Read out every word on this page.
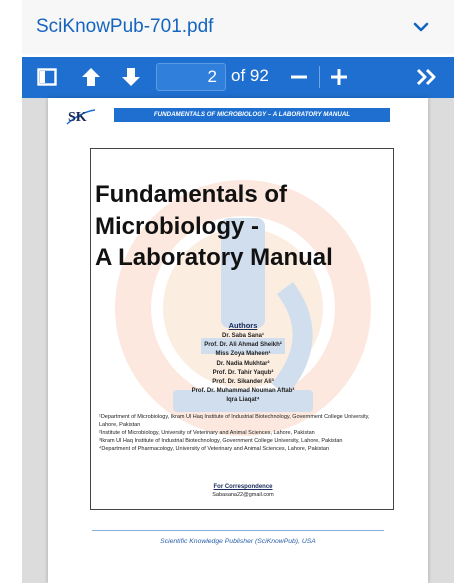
SciKnowPub-701.pdf
2
of 92
SK	FUNDAMENTALS OF MICROBIOLOGY – A LABORATORY MANUAL
Fundamentals of
Microbiology -
A Laboratory Manual
Authors
Dr. Saba Sana¹
Prof. Dr. Ali Ahmad Sheikh²
Miss Zoya Maheen¹
Dr. Nadia Mukhtar²
Prof. Dr. Tahir Yaqub²
Prof. Dr. Sikander Ali³
Prof. Dr. Muhammad Nouman Aftab³
Iqra Liaqat⁴
¹Department of Microbiology, Ikram Ul Haq Institute of Industrial Biotechnology, Government College University, Lahore, Pakistan
²Institute of Microbiology, University of Veterinary and Animal Sciences, Lahore, Pakistan
³Ikram Ul Haq Institute of Industrial Biotechnology, Government College University, Lahore, Pakistan
⁴Department of Pharmacology, University of Veterinary and Animal Sciences, Lahore, Pakistan
For Correspondence
Sabasana22@gmail.com
Scientific Knowledge Publisher (SciKnowPub), USA
